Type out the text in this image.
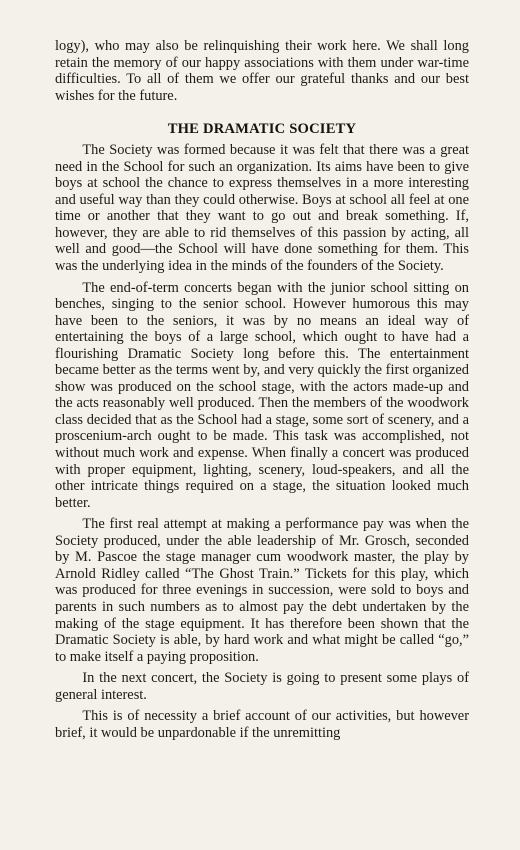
logy), who may also be relinquishing their work here. We shall long retain the memory of our happy associations with them under war-time difficulties. To all of them we offer our grateful thanks and our best wishes for the future.

THE DRAMATIC SOCIETY

The Society was formed because it was felt that there was a great need in the School for such an organization. Its aims have been to give boys at school the chance to express themselves in a more interesting and useful way than they could otherwise. Boys at school all feel at one time or another that they want to go out and break something. If, however, they are able to rid themselves of this passion by acting, all well and good—the School will have done something for them. This was the underlying idea in the minds of the founders of the Society.

The end-of-term concerts began with the junior school sitting on benches, singing to the senior school. However humorous this may have been to the seniors, it was by no means an ideal way of entertaining the boys of a large school, which ought to have had a flourishing Dramatic Society long before this. The entertainment became better as the terms went by, and very quickly the first organized show was produced on the school stage, with the actors made-up and the acts reasonably well produced. Then the members of the woodwork class decided that as the School had a stage, some sort of scenery, and a proscenium-arch ought to be made. This task was accomplished, not without much work and expense. When finally a concert was produced with proper equipment, lighting, scenery, loud-speakers, and all the other intricate things required on a stage, the situation looked much better.

The first real attempt at making a performance pay was when the Society produced, under the able leadership of Mr. Grosch, seconded by M. Pascoe the stage manager cum woodwork master, the play by Arnold Ridley called “The Ghost Train.” Tickets for this play, which was produced for three evenings in succession, were sold to boys and parents in such numbers as to almost pay the debt undertaken by the making of the stage equipment. It has therefore been shown that the Dramatic Society is able, by hard work and what might be called “go,” to make itself a paying proposition.

In the next concert, the Society is going to present some plays of general interest.

This is of necessity a brief account of our activities, but however brief, it would be unpardonable if the unremitting
